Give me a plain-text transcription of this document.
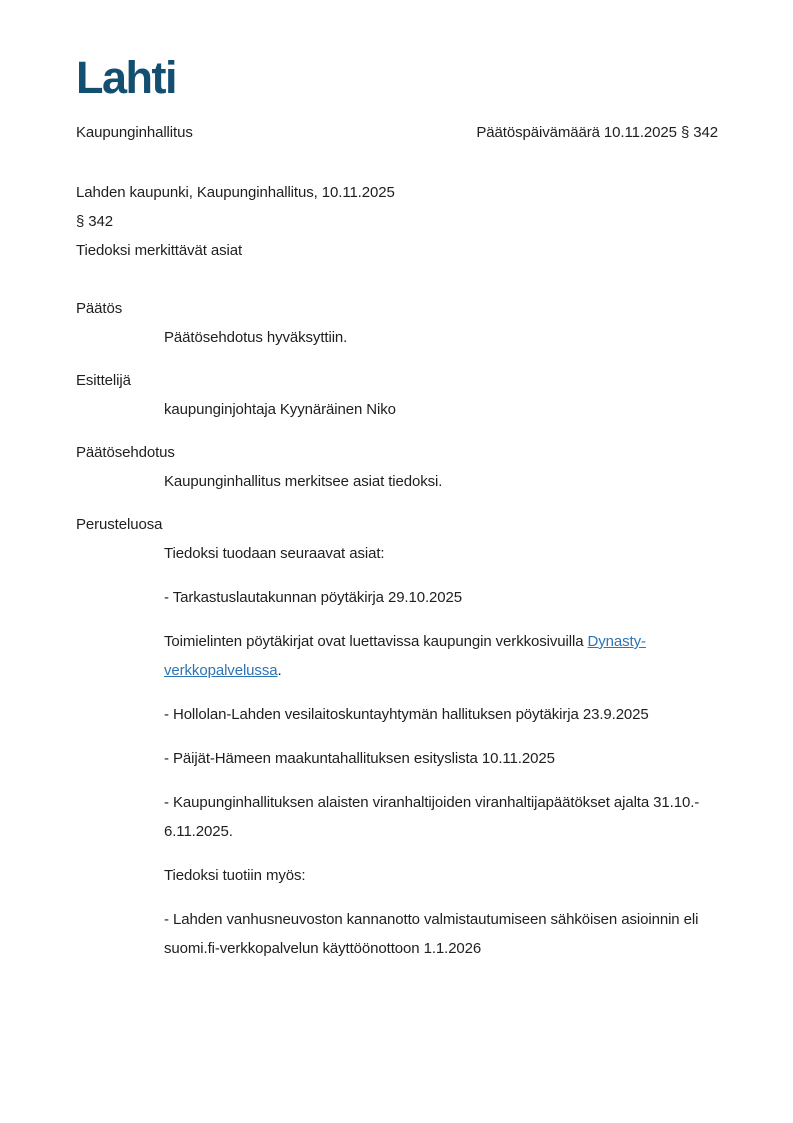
Lahti
Kaupunginhallitus	Päätöspäivämäärä 10.11.2025 § 342
Lahden kaupunki, Kaupunginhallitus, 10.11.2025
§ 342
Tiedoksi merkittävät asiat
Päätös

Päätösehdotus hyväksyttiin.

Esittelijä

kaupunginjohtaja Kyynäräinen Niko

Päätösehdotus

Kaupunginhallitus merkitsee asiat tiedoksi.

Perusteluosa

Tiedoksi tuodaan seuraavat asiat:

- Tarkastuslautakunnan pöytäkirja 29.10.2025

Toimielinten pöytäkirjat ovat luettavissa kaupungin verkkosivuilla Dynasty-verkkopalvelussa.

- Hollolan-Lahden vesilaitoskuntayhtymän hallituksen pöytäkirja 23.9.2025

- Päijät-Hämeen maakuntahallituksen esityslista 10.11.2025

- Kaupunginhallituksen alaisten viranhaltijoiden viranhaltijapäätökset ajalta 31.10.- 6.11.2025.

Tiedoksi tuotiin myös:

- Lahden vanhusneuvoston kannanotto valmistautumiseen sähköisen asioinnin eli suomi.fi-verkkopalvelun käyttöönottoon 1.1.2026
